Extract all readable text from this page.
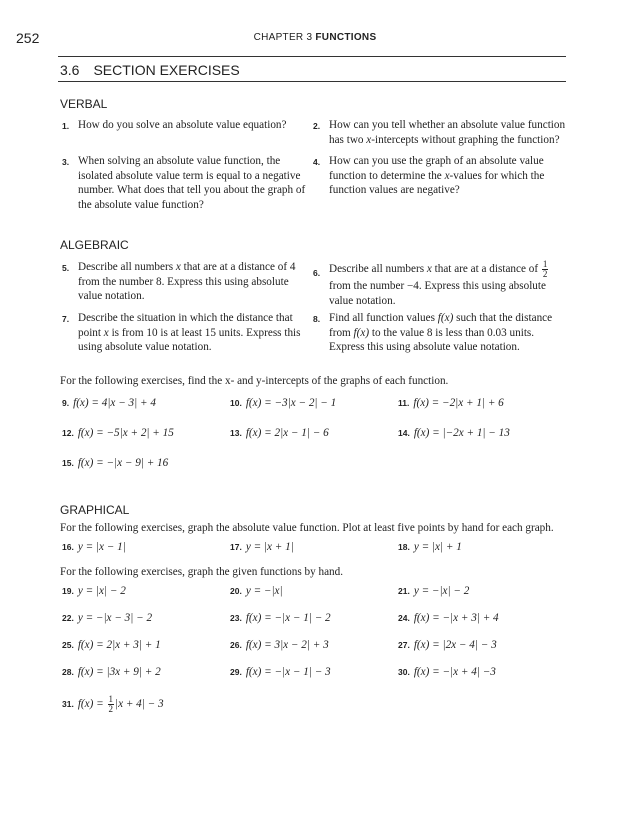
252	CHAPTER 3 FUNCTIONS
3.6 SECTION EXERCISES
VERBAL
1. How do you solve an absolute value equation?	2. How can you tell whether an absolute value function
has two x-intercepts without graphing the function?
3. When solving an absolute value function, the isolated absolute value term is equal to a negative number. What does that tell you about the graph of the absolute value function?
4. How can you use the graph of an absolute value
function to determine the x-values for which the
function values are negative?
ALGEBRAIC
5. Describe all numbers x that are at a distance of 4
from the number 8. Express this using absolute
value notation.
6. Describe all numbers x that are at a distance of $\frac{1}{2}$
from the number −4. Express this using absolute
value notation.
7. Describe the situation in which the distance that
point x is from 10 is at least 15 units. Express this
using absolute value notation.
8. Find all function values f(x) such that the distance
from f(x) to the value 8 is less than 0.03 units.
Express this using absolute value notation.
For the following exercises, find the x- and y-intercepts of the graphs of each function.
9. f(x) = 4|x − 3| + 4	10. f(x) = −3|x − 2| − 1	11. f(x) = −2|x + 1| + 6
12. f(x) = −5|x + 2| + 15	13. f(x) = 2|x − 1| − 6	14. f(x) = |−2x + 1| − 13
15. f(x) = −|x − 9| + 16
GRAPHICAL
For the following exercises, graph the absolute value function. Plot at least five points by hand for each graph.
16. y = |x − 1|	17. y = |x + 1|	18. y = |x| + 1
For the following exercises, graph the given functions by hand.
19. y = |x| − 2	20. y = −|x|	21. y = −|x| − 2
22. y = −|x − 3| − 2	23. f(x) = −|x − 1| − 2	24. f(x) = −|x + 3| + 4
25. f(x) = 2|x + 3| + 1	26. f(x) = 3|x − 2| + 3	27. f(x) = |2x − 4| − 3
28. f(x) = |3x + 9| + 2	29. f(x) = −|x − 1| − 3	30. f(x) = −|x + 4| −3
31. $f(x) = \frac{1}{2} |x + 4| - 3$
